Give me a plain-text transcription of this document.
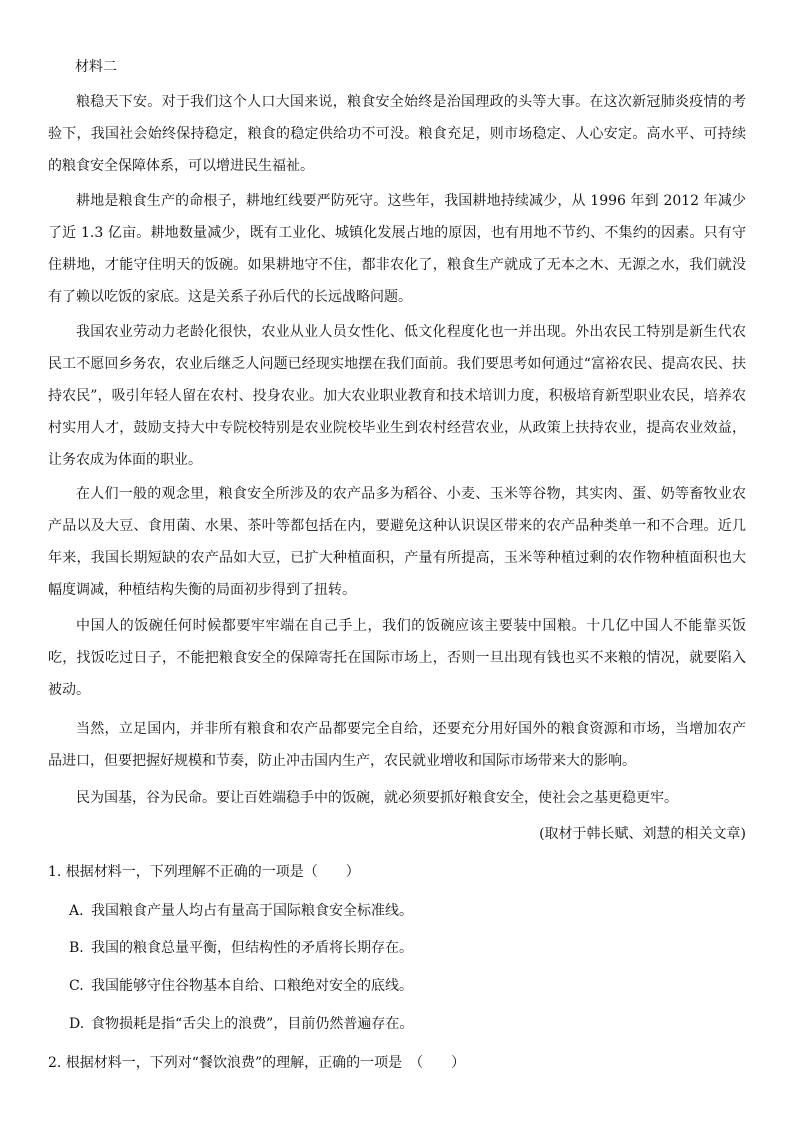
材料二

粮稳天下安。对于我们这个人口大国来说，粮食安全始终是治国理政的头等大事。在这次新冠肺炎疫情的考验下，我国社会始终保持稳定，粮食的稳定供给功不可没。粮食充足，则市场稳定、人心安定。高水平、可持续的粮食安全保障体系，可以增进民生福祉。

耕地是粮食生产的命根子，耕地红线要严防死守。这些年，我国耕地持续减少，从 1996 年到 2012 年减少了近 1.3 亿亩。耕地数量减少，既有工业化、城镇化发展占地的原因，也有用地不节约、不集约的因素。只有守住耕地，才能守住明天的饭碗。如果耕地守不住，都非农化了，粮食生产就成了无本之木、无源之水，我们就没有了赖以吃饭的家底。这是关系子孙后代的长远战略问题。

我国农业劳动力老龄化很快，农业从业人员女性化、低文化程度化也一并出现。外出农民工特别是新生代农民工不愿回乡务农，农业后继乏人问题已经现实地摆在我们面前。我们要思考如何通过“富裕农民、提高农民、扶持农民”，吸引年轻人留在农村、投身农业。加大农业职业教育和技术培训力度，积极培育新型职业农民，培养农村实用人才，鼓励支持大中专院校特别是农业院校毕业生到农村经营农业，从政策上扶持农业，提高农业效益，让务农成为体面的职业。

在人们一般的观念里，粮食安全所涉及的农产品多为稻谷、小麦、玉米等谷物，其实肉、蛋、奶等畜牧业农产品以及大豆、食用菌、水果、茶叶等都包括在内，要避免这种认识误区带来的农产品种类单一和不合理。近几年来，我国长期短缺的农产品如大豆，已扩大种植面积，产量有所提高，玉米等种植过剩的农作物种植面积也大幅度调减，种植结构失衡的局面初步得到了扭转。

中国人的饭碗任何时候都要牢牢端在自己手上，我们的饭碗应该主要装中国粮。十几亿中国人不能靠买饭吃，找饭吃过日子，不能把粮食安全的保障寄托在国际市场上，否则一旦出现有钱也买不来粮的情况，就要陷入被动。

当然，立足国内，并非所有粮食和农产品都要完全自给，还要充分用好国外的粮食资源和市场，当增加农产品进口，但要把握好规模和节奏，防止冲击国内生产，农民就业增收和国际市场带来大的影响。

民为国基，谷为民命。要让百姓端稳手中的饭碗，就必须要抓好粮食安全，使社会之基更稳更牢。

(取材于韩长赋、刘慧的相关文章)
1. 根据材料一，下列理解不正确的一项是（　　）
A. 我国粮食产量人均占有量高于国际粮食安全标准线。
B. 我国的粮食总量平衡，但结构性的矛盾将长期存在。
C. 我国能够守住谷物基本自给、口粮绝对安全的底线。
D. 食物损耗是指“舌尖上的浪费”，目前仍然普遍存在。
2. 根据材料一，下列对“餐饮浪费”的理解，正确的一项是　（　　）
